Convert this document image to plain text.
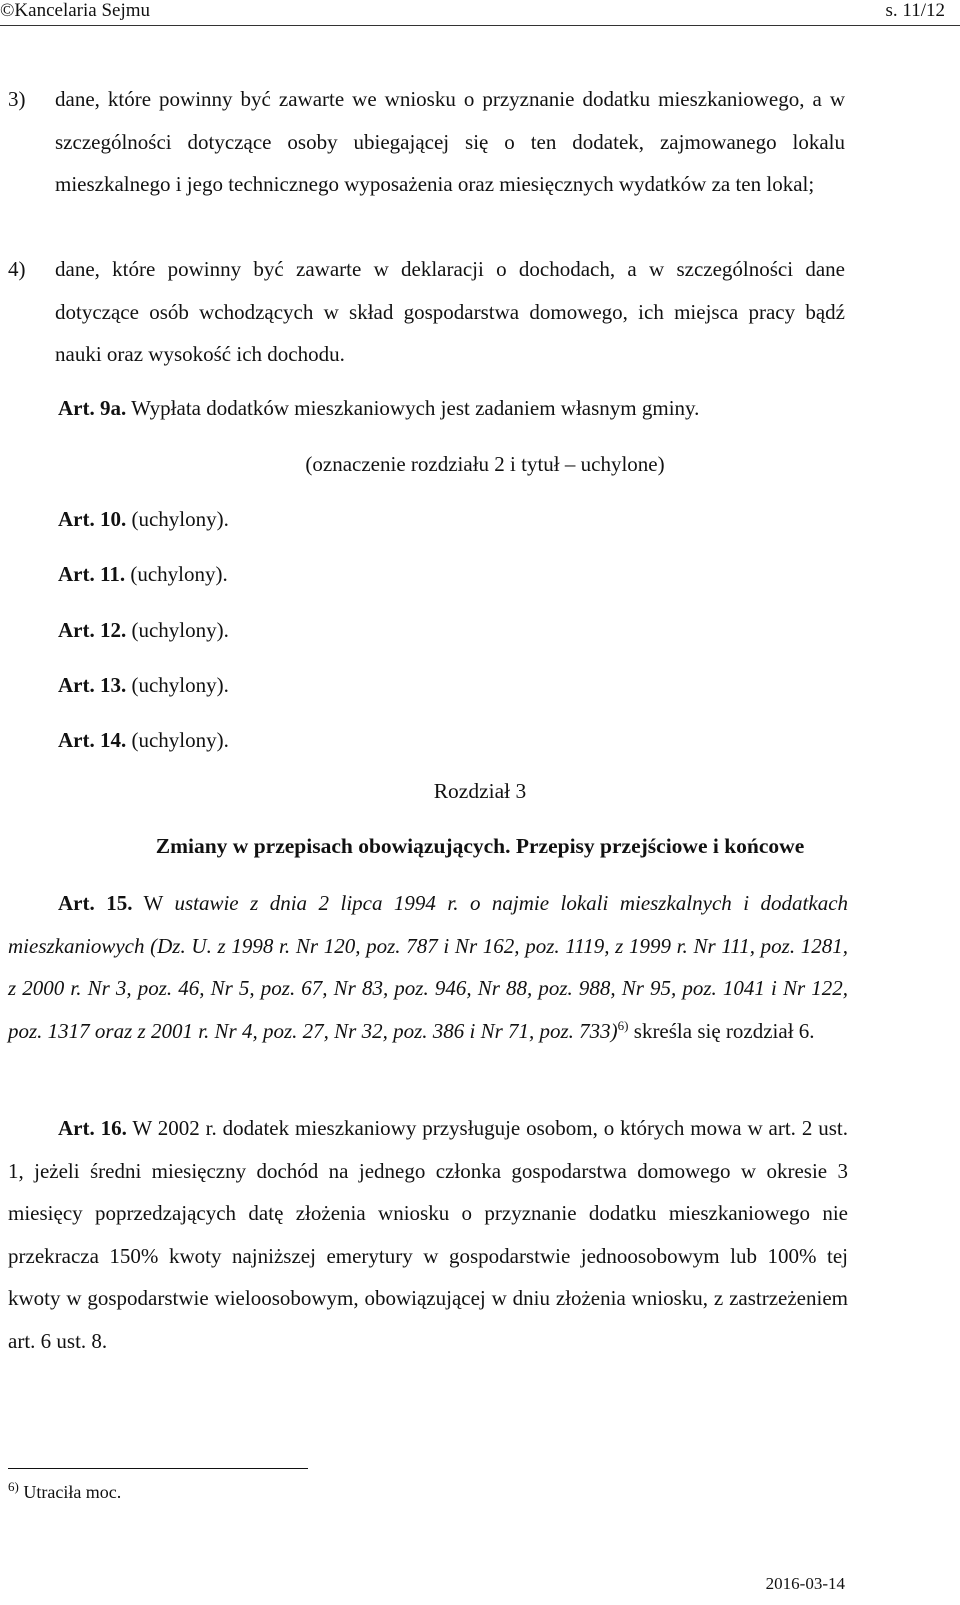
©Kancelaria Sejmu	s. 11/12
3) dane, które powinny być zawarte we wniosku o przyznanie dodatku mieszkaniowego, a w szczególności dotyczące osoby ubiegającej się o ten dodatek, zajmowanego lokalu mieszkalnego i jego technicznego wyposażenia oraz miesięcznych wydatków za ten lokal;
4) dane, które powinny być zawarte w deklaracji o dochodach, a w szczególności dane dotyczące osób wchodzących w skład gospodarstwa domowego, ich miejsca pracy bądź nauki oraz wysokość ich dochodu.
Art. 9a. Wypłata dodatków mieszkaniowych jest zadaniem własnym gminy.
(oznaczenie rozdziału 2 i tytuł – uchylone)
Art. 10. (uchylony).
Art. 11. (uchylony).
Art. 12. (uchylony).
Art. 13. (uchylony).
Art. 14. (uchylony).
Rozdział 3
Zmiany w przepisach obowiązujących. Przepisy przejściowe i końcowe
Art. 15. W ustawie z dnia 2 lipca 1994 r. o najmie lokali mieszkalnych i dodatkach mieszkaniowych (Dz. U. z 1998 r. Nr 120, poz. 787 i Nr 162, poz. 1119, z 1999 r. Nr 111, poz. 1281, z 2000 r. Nr 3, poz. 46, Nr 5, poz. 67, Nr 83, poz. 946, Nr 88, poz. 988, Nr 95, poz. 1041 i Nr 122, poz. 1317 oraz z 2001 r. Nr 4, poz. 27, Nr 32, poz. 386 i Nr 71, poz. 733)$^{6)}$ skreśla się rozdział 6.
Art. 16. W 2002 r. dodatek mieszkaniowy przysługuje osobom, o których mowa w art. 2 ust. 1, jeżeli średni miesięczny dochód na jednego członka gospodarstwa domowego w okresie 3 miesięcy poprzedzających datę złożenia wniosku o przyznanie dodatku mieszkaniowego nie przekracza 150% kwoty najniższej emerytury w gospodarstwie jednoosobowym lub 100% tej kwoty w gospodarstwie wieloosobowym, obowiązującej w dniu złożenia wniosku, z zastrzeżeniem art. 6 ust. 8.
$^{6)}$ Utraciła moc.
2016-03-14
